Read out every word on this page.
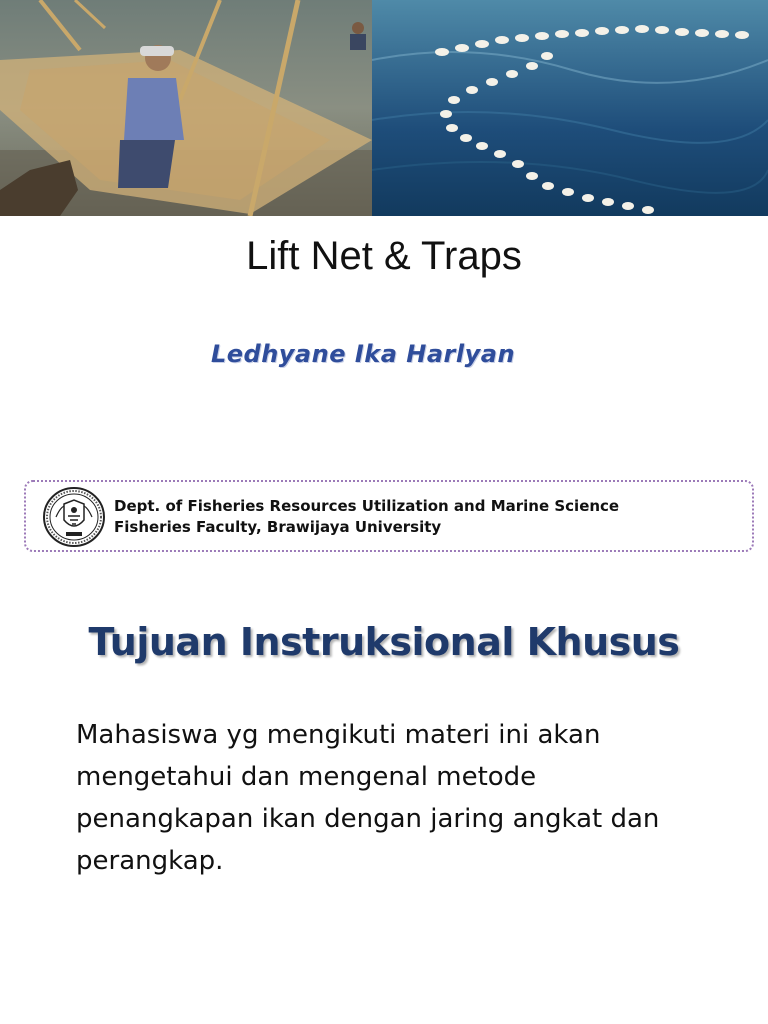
Lift Net & Traps
Ledhyane Ika Harlyan
Dept. of Fisheries Resources Utilization and Marine Science
Fisheries Faculty, Brawijaya University
Tujuan Instruksional Khusus

Mahasiswa yg mengikuti materi ini akan mengetahui dan mengenal metode penangkapan ikan dengan jaring angkat dan perangkap.
